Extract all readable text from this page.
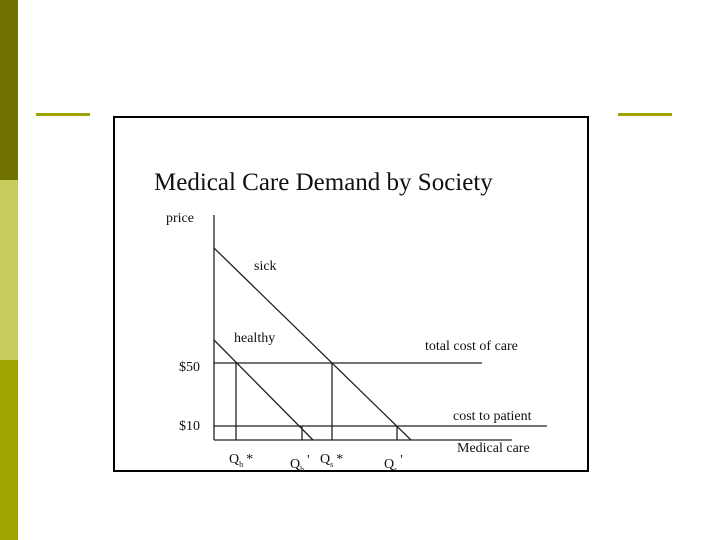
Medical Care Demand by Society
price
Medical care
total cost of care
cost to patient
$50
$10
sick
healthy
$Q_h$ *	$Q_h'$ $Q_s$ *	$Q_s'$
